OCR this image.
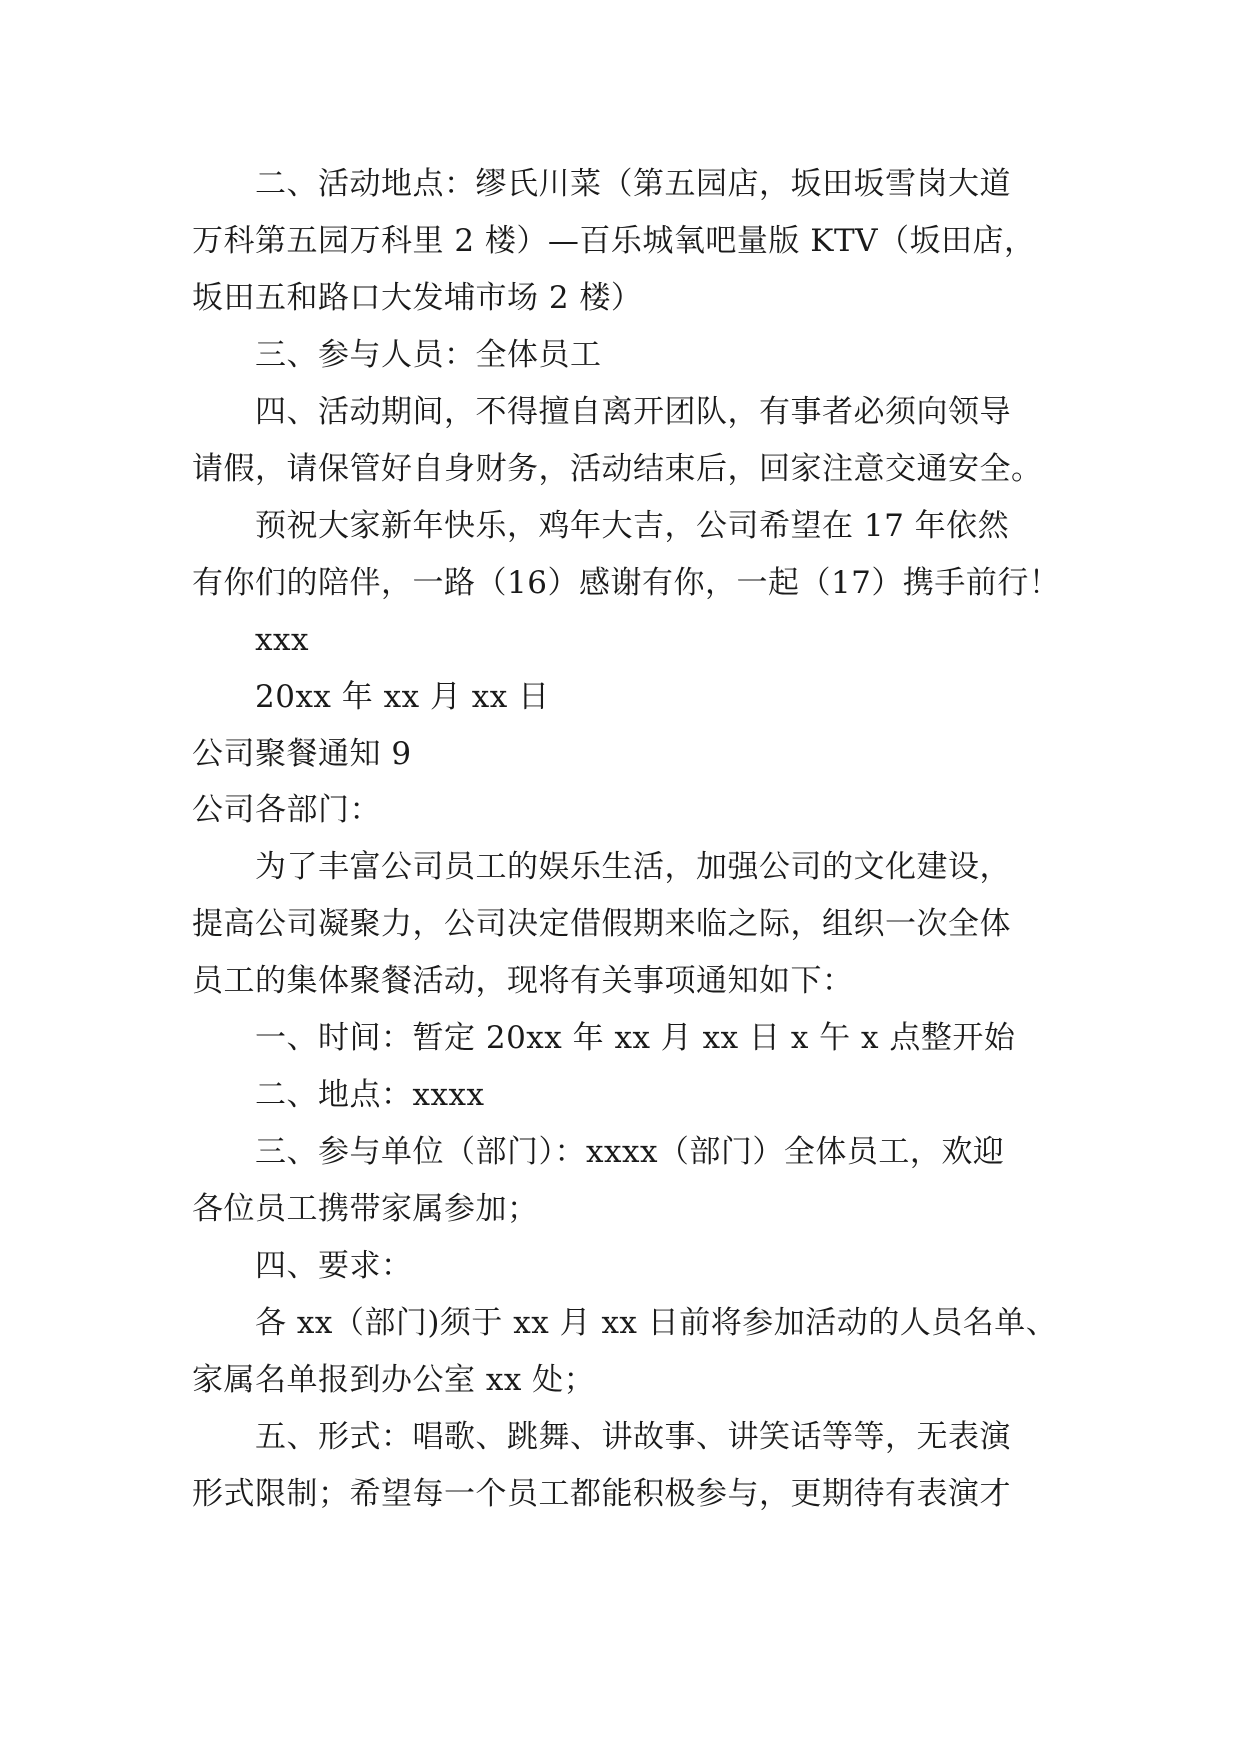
二、活动地点：缪氏川菜（第五园店，坂田坂雪岗大道
万科第五园万科里 2 楼）—百乐城氧吧量版 KTV（坂田店，
坂田五和路口大发埔市场 2 楼）
三、参与人员：全体员工
四、活动期间，不得擅自离开团队，有事者必须向领导
请假，请保管好自身财务，活动结束后，回家注意交通安全。
预祝大家新年快乐，鸡年大吉，公司希望在 17 年依然
有你们的陪伴，一路（16）感谢有你，一起（17）携手前行！
xxx
20xx 年 xx 月 xx 日
公司聚餐通知 9
公司各部门：
为了丰富公司员工的娱乐生活，加强公司的文化建设，
提高公司凝聚力，公司决定借假期来临之际，组织一次全体
员工的集体聚餐活动，现将有关事项通知如下：
一、时间：暂定 20xx 年 xx 月 xx 日 x 午 x 点整开始
二、地点：xxxx
三、参与单位（部门）：xxxx（部门）全体员工，欢迎
各位员工携带家属参加；
四、要求：
各 xx（部门)须于 xx 月 xx 日前将参加活动的人员名单、
家属名单报到办公室 xx 处；
五、形式：唱歌、跳舞、讲故事、讲笑话等等，无表演
形式限制；希望每一个员工都能积极参与，更期待有表演才
